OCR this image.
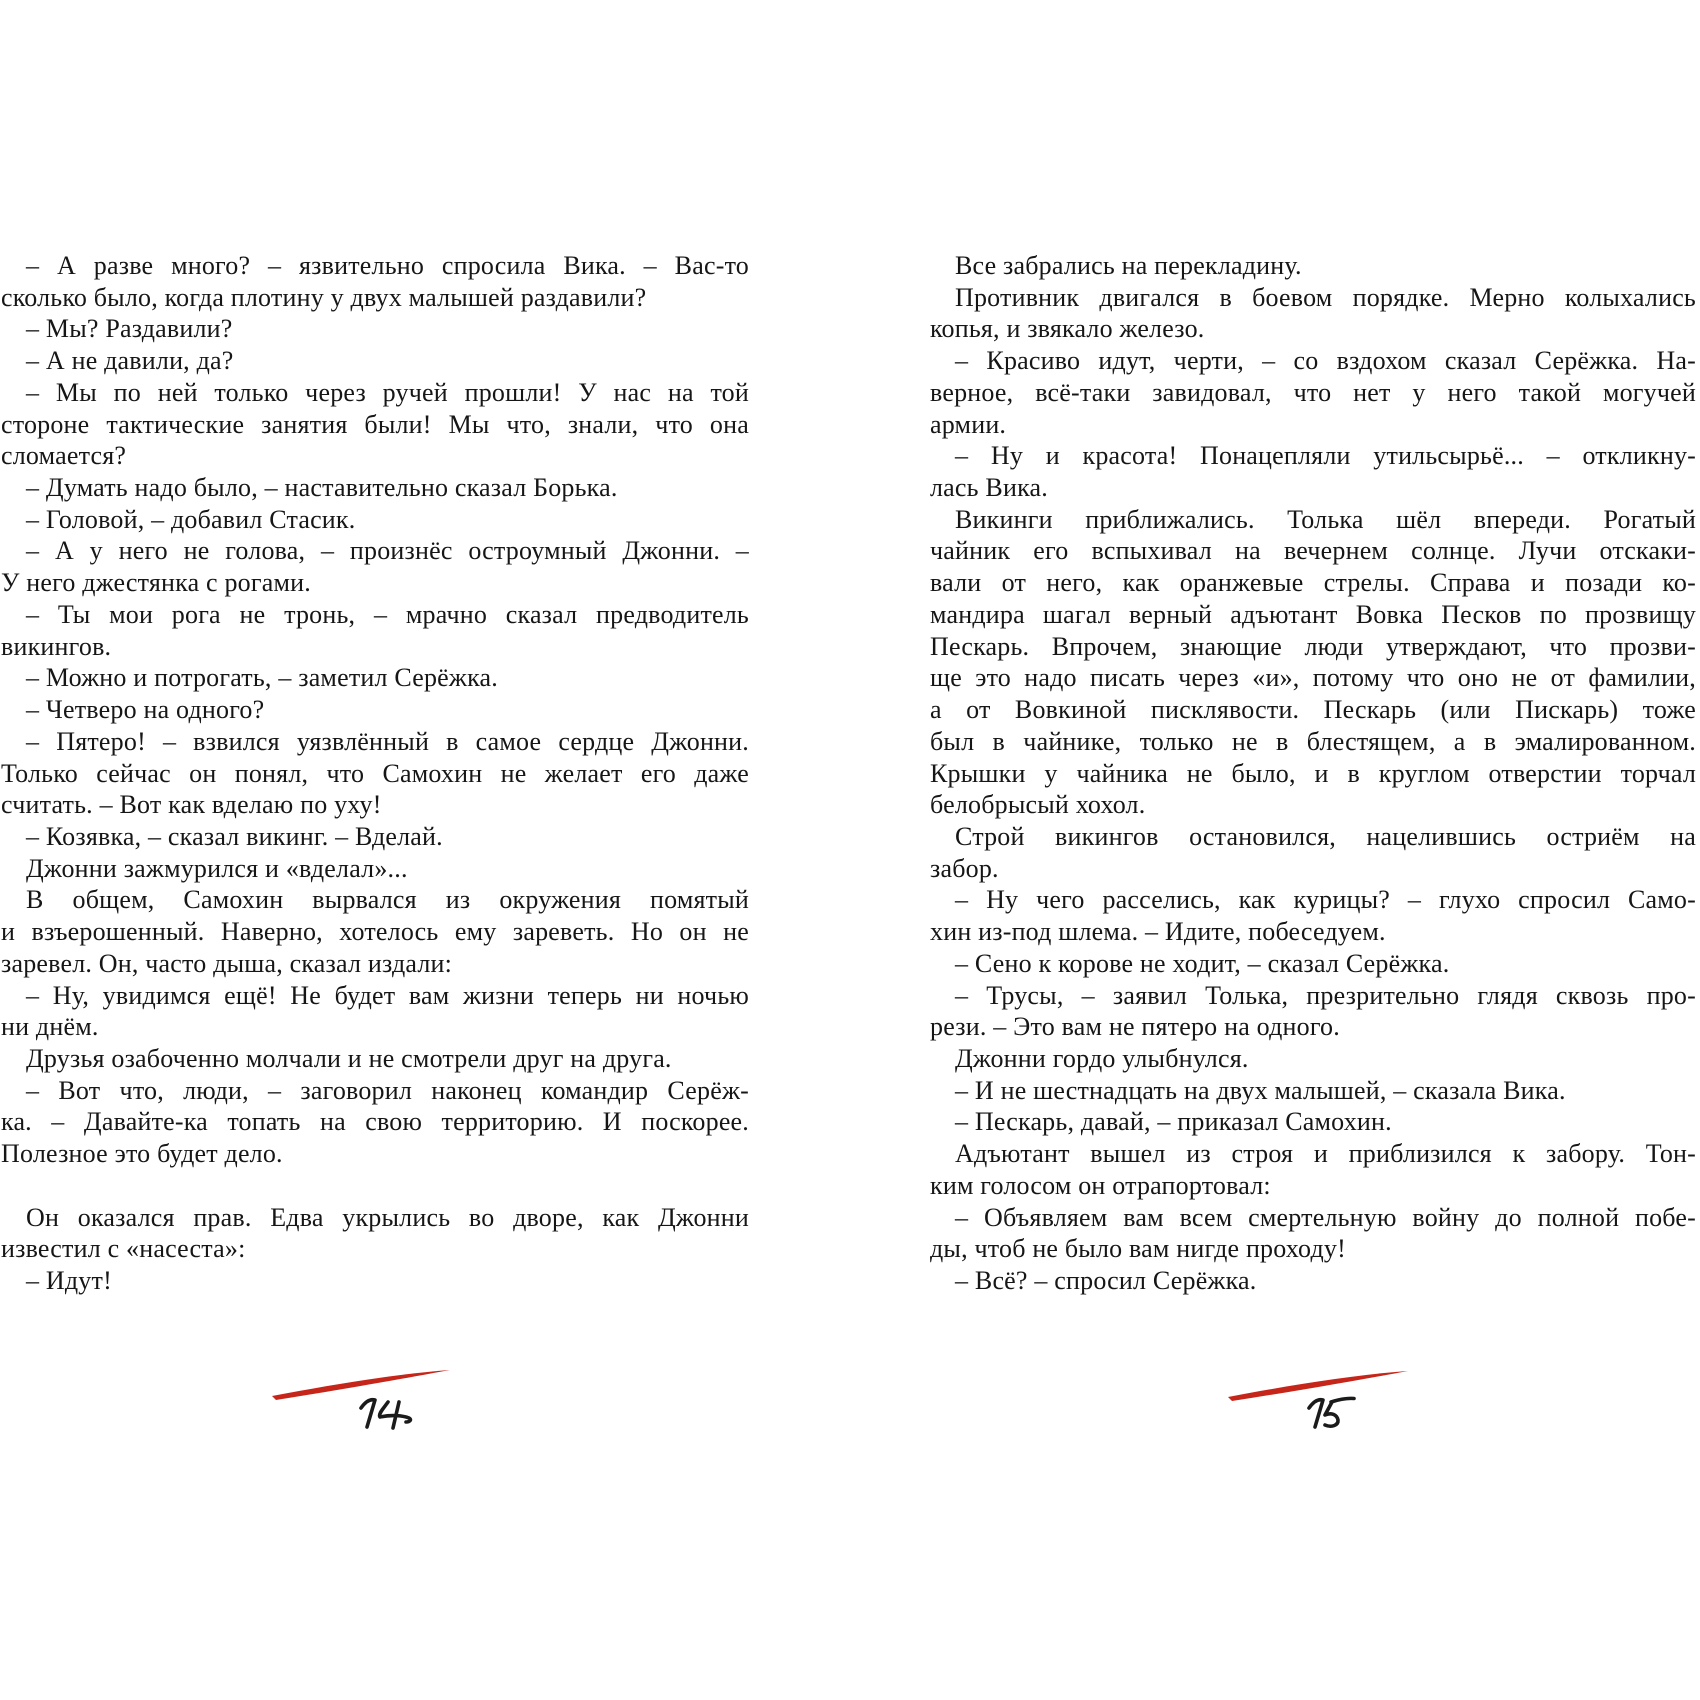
– А разве много? – язвительно спросила Вика. – Вас-то
сколько было, когда плотину у двух малышей раздавили?
– Мы? Раздавили?
– А не давили, да?
– Мы по ней только через ручей прошли! У нас на той
стороне тактические занятия были! Мы что, знали, что она
сломается?
– Думать надо было, – наставительно сказал Борька.
– Головой, – добавил Стасик.
– А у него не голова, – произнёс остроумный Джонни. –
У него джестянка с рогами.
– Ты мои рога не тронь, – мрачно сказал предводитель
викингов.
– Можно и потрогать, – заметил Серёжка.
– Четверо на одного?
– Пятеро! – взвился уязвлённый в самое сердце Джонни.
Только сейчас он понял, что Самохин не желает его даже
считать. – Вот как вделаю по уху!
– Козявка, – сказал викинг. – Вделай.
Джонни зажмурился и «вделал»...
В общем, Самохин вырвался из окружения помятый
и взъерошенный. Наверно, хотелось ему зареветь. Но он не
заревел. Он, часто дыша, сказал издали:
– Ну, увидимся ещё! Не будет вам жизни теперь ни ночью
ни днём.
Друзья озабоченно молчали и не смотрели друг на друга.
– Вот что, люди, – заговорил наконец командир Серёж-
ка. – Давайте-ка топать на свою территорию. И поскорее.
Полезное это будет дело.
Он оказался прав. Едва укрылись во дворе, как Джонни
известил с «насеста»:
– Идут!
Все забрались на перекладину.
Противник двигался в боевом порядке. Мерно колыхались
копья, и звякало железо.
– Красиво идут, черти, – со вздохом сказал Серёжка. На-
верное, всё-таки завидовал, что нет у него такой могучей
армии.
– Ну и красота! Понацепляли утильсырьё... – откликну-
лась Вика.
Викинги приближались. Толька шёл впереди. Рогатый
чайник его вспыхивал на вечернем солнце. Лучи отскаки-
вали от него, как оранжевые стрелы. Справа и позади ко-
мандира шагал верный адъютант Вовка Песков по прозвищу
Пескарь. Впрочем, знающие люди утверждают, что прозви-
ще это надо писать через «и», потому что оно не от фамилии,
а от Вовкиной писклявости. Пескарь (или Пискарь) тоже
был в чайнике, только не в блестящем, а в эмалированном.
Крышки у чайника не было, и в круглом отверстии торчал
белобрысый хохол.
Строй викингов остановился, нацелившись остриём на
забор.
– Ну чего расселись, как курицы? – глухо спросил Само-
хин из-под шлема. – Идите, побеседуем.
– Сено к корове не ходит, – сказал Серёжка.
– Трусы, – заявил Толька, презрительно глядя сквозь про-
рези. – Это вам не пятеро на одного.
Джонни гордо улыбнулся.
– И не шестнадцать на двух малышей, – сказала Вика.
– Пескарь, давай, – приказал Самохин.
Адъютант вышел из строя и приблизился к забору. Тон-
ким голосом он отрапортовал:
– Объявляем вам всем смертельную войну до полной побе-
ды, чтоб не было вам нигде проходу!
– Всё? – спросил Серёжка.
